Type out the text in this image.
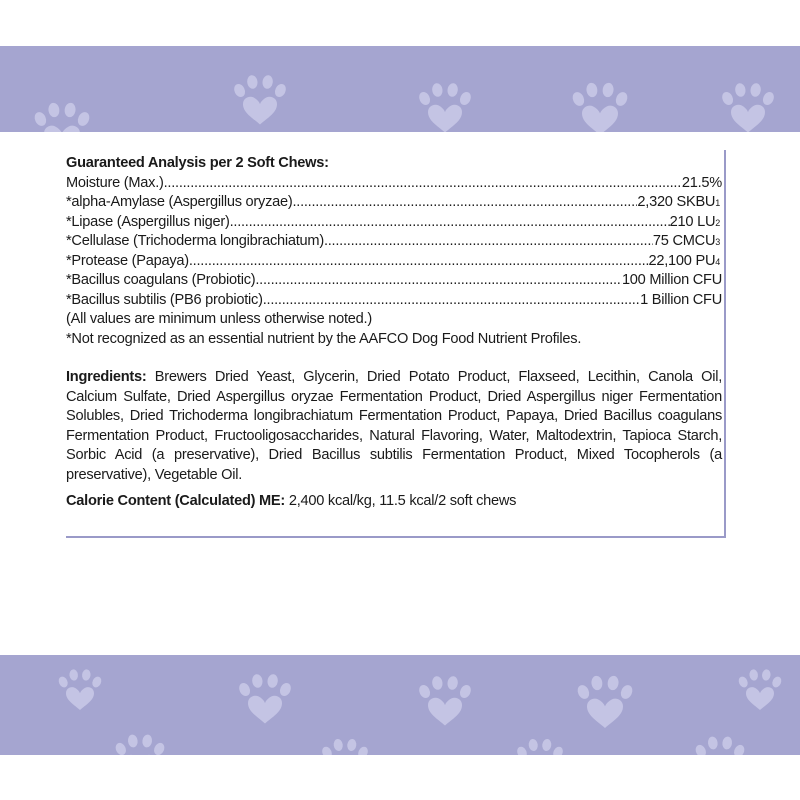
Guaranteed Analysis per 2 Soft Chews:
Moisture (Max.) .....	21.5%
*alpha-Amylase (Aspergillus oryzae) .....	2,320 SKBU 1
*Lipase (Aspergillus niger) .....	210 LU 2
*Cellulase (Trichoderma longibrachiatum) .....	75 CMCU 3
*Protease (Papaya) .....	22,100 PU 4
*Bacillus coagulans (Probiotic) .....	100 Million CFU
*Bacillus subtilis (PB6 probiotic) .....	1 Billion CFU
(All values are minimum unless otherwise noted.)
*Not recognized as an essential nutrient by the AAFCO Dog Food Nutrient Profiles.
Ingredients: Brewers Dried Yeast, Glycerin, Dried Potato Product, Flaxseed, Lecithin, Canola Oil, Calcium Sulfate, Dried Aspergillus oryzae Fermentation Product, Dried Aspergillus niger Fermentation Solubles, Dried Trichoderma longibrachiatum Fermentation Product, Papaya, Dried Bacillus coagulans Fermentation Product, Fructooligosaccharides, Natural Flavoring, Water, Maltodextrin, Tapioca Starch, Sorbic Acid (a preservative), Dried Bacillus subtilis Fermentation Product, Mixed Tocopherols (a preservative), Vegetable Oil.
Calorie Content (Calculated) ME: 2,400 kcal/kg, 11.5 kcal/2 soft chews
